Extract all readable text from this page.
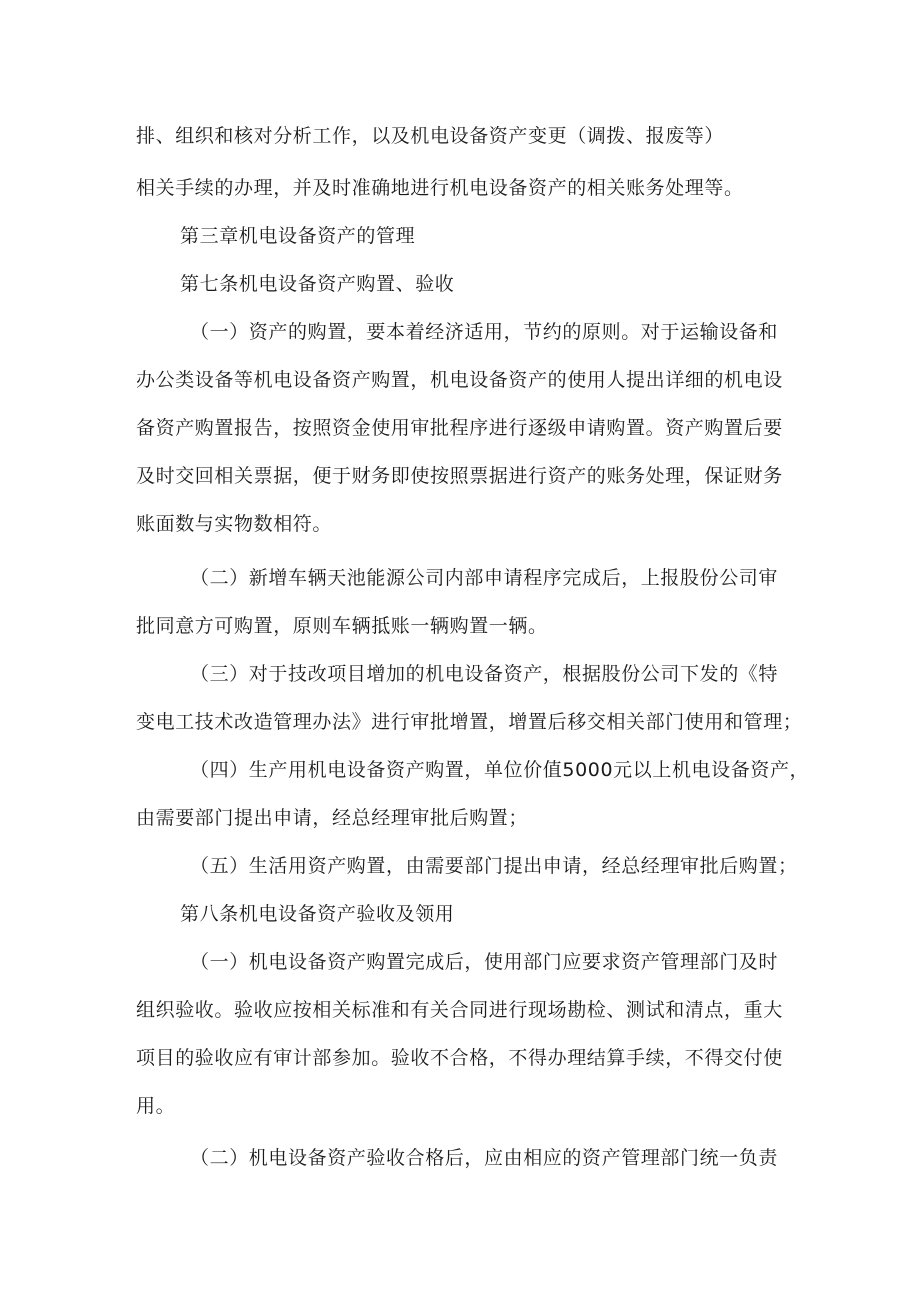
排、组织和核对分析工作，以及机电设备资产变更（调拨、报废等）

相关手续的办理，并及时准确地进行机电设备资产的相关账务处理等。

第三章机电设备资产的管理

第七条机电设备资产购置、验收

（一）资产的购置，要本着经济适用，节约的原则。对于运输设备和

办公类设备等机电设备资产购置，机电设备资产的使用人提出详细的机电设

备资产购置报告，按照资金使用审批程序进行逐级申请购置。资产购置后要

及时交回相关票据，便于财务即使按照票据进行资产的账务处理，保证财务

账面数与实物数相符。

（二）新增车辆天池能源公司内部申请程序完成后，上报股份公司审

批同意方可购置，原则车辆抵账一辆购置一辆。

（三）对于技改项目增加的机电设备资产，根据股份公司下发的《特

变电工技术改造管理办法》进行审批增置，增置后移交相关部门使用和管理；

（四）生产用机电设备资产购置，单位价值5000元以上机电设备资产，

由需要部门提出申请，经总经理审批后购置；

（五）生活用资产购置，由需要部门提出申请，经总经理审批后购置；

第八条机电设备资产验收及领用

（一）机电设备资产购置完成后，使用部门应要求资产管理部门及时

组织验收。验收应按相关标准和有关合同进行现场勘检、测试和清点，重大

项目的验收应有审计部参加。验收不合格，不得办理结算手续，不得交付使

用。

（二）机电设备资产验收合格后，应由相应的资产管理部门统一负责
